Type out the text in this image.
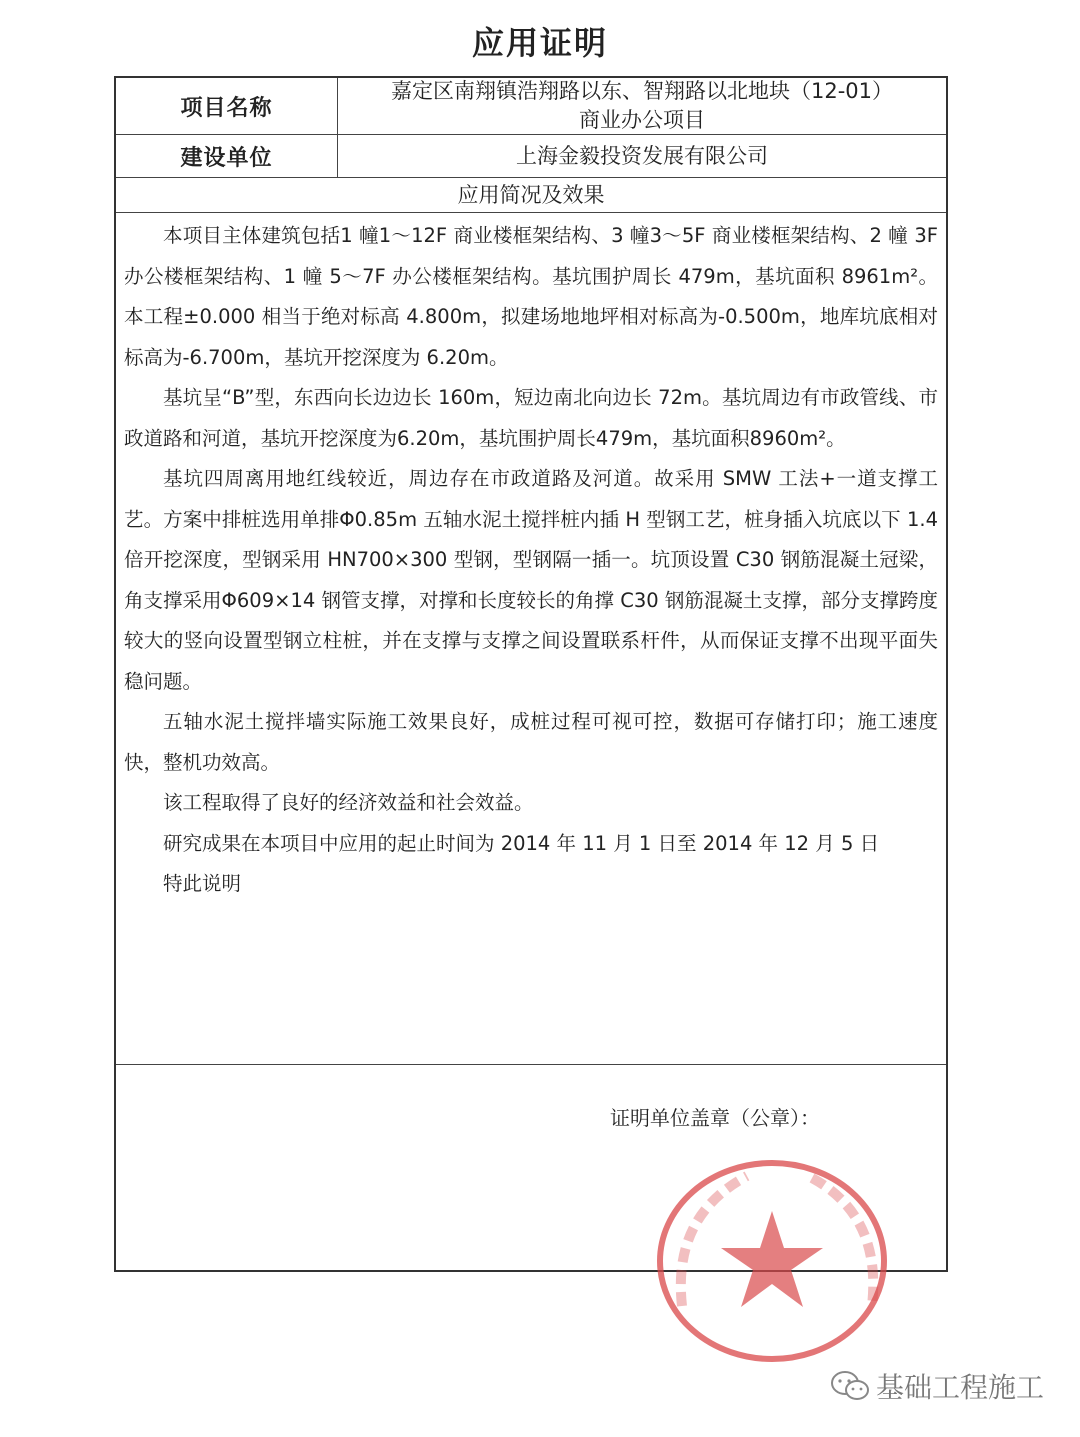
应用证明
项目名称
嘉定区南翔镇浩翔路以东、智翔路以北地块（12-01）
商业办公项目
建设单位	上海金毅投资发展有限公司
应用简况及效果

本项目主体建筑包括1 幢1～12F 商业楼框架结构、3 幢3～5F 商业楼框架结构、2 幢 3F 办公楼框架结构、1 幢 5～7F 办公楼框架结构。基坑围护周长 479m，基坑面积 8961m²。本工程±0.000 相当于绝对标高 4.800m，拟建场地地坪相对标高为-0.500m，地库坑底相对标高为-6.700m，基坑开挖深度为 6.20m。

基坑呈“B”型，东西向长边边长 160m，短边南北向边长 72m。基坑周边有市政管线、市政道路和河道，基坑开挖深度为6.20m，基坑围护周长479m，基坑面积8960m²。

基坑四周离用地红线较近，周边存在市政道路及河道。故采用 SMW 工法+一道支撑工艺。方案中排桩选用单排Φ0.85m 五轴水泥土搅拌桩内插 H 型钢工艺，桩身插入坑底以下 1.4 倍开挖深度，型钢采用 HN700×300 型钢，型钢隔一插一。坑顶设置 C30 钢筋混凝土冠梁，角支撑采用Φ609×14 钢管支撑，对撑和长度较长的角撑 C30 钢筋混凝土支撑，部分支撑跨度较大的竖向设置型钢立柱桩，并在支撑与支撑之间设置联系杆件，从而保证支撑不出现平面失稳问题。

五轴水泥土搅拌墙实际施工效果良好，成桩过程可视可控，数据可存储打印；施工速度快，整机功效高。

该工程取得了良好的经济效益和社会效益。

研究成果在本项目中应用的起止时间为 2014 年 11 月 1 日至 2014 年 12 月 5 日

特此说明

证明单位盖章（公章）：
基础工程施工
